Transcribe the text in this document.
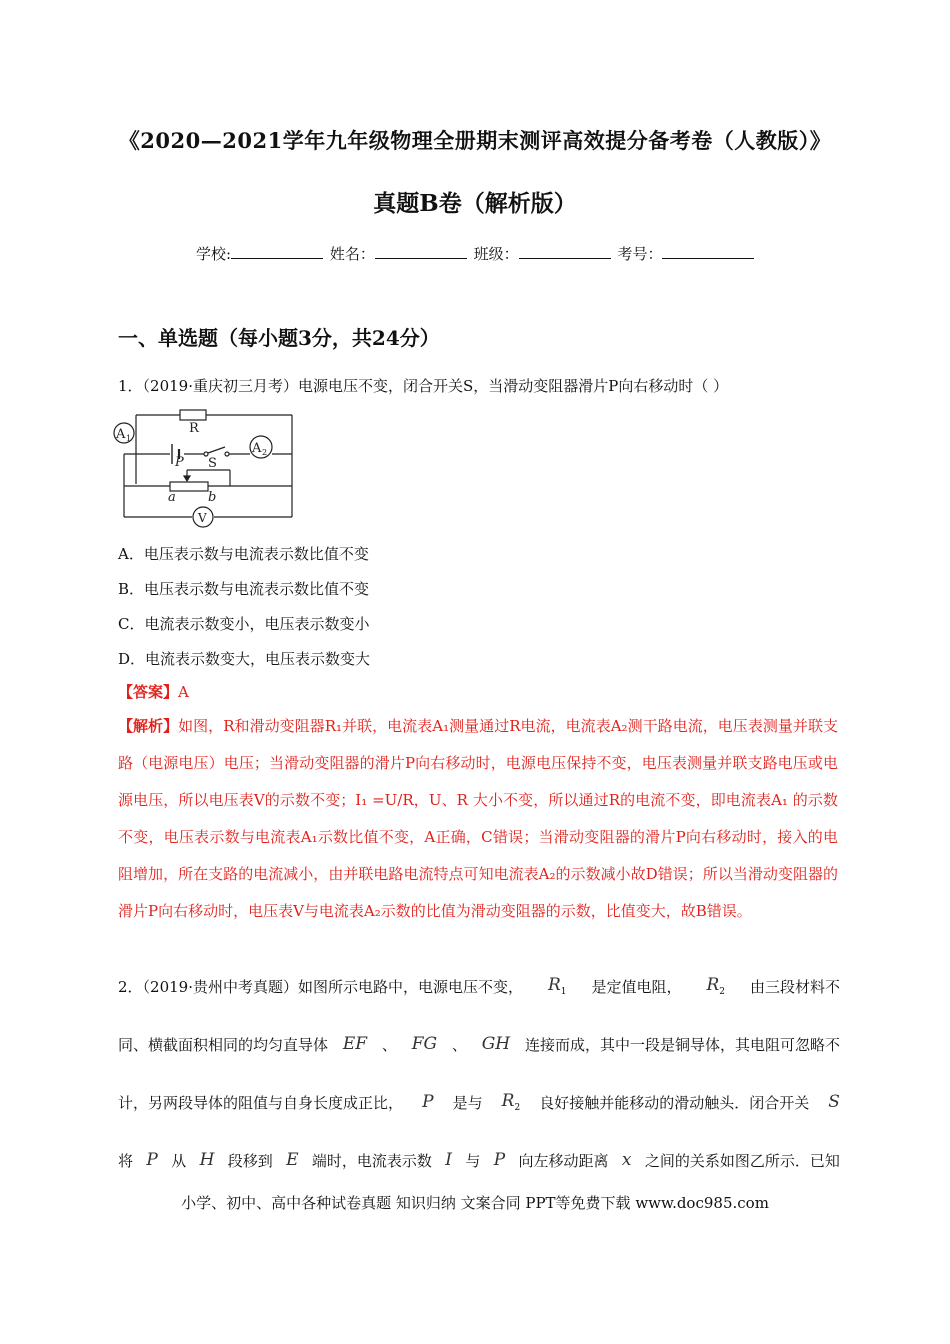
《2020—2021学年九年级物理全册期末测评高效提分备考卷（人教版）》
真题B卷（解析版）
学校:	姓名：	班级：	考号：
一、单选题（每小题3分，共24分）
1．（2019·重庆初三月考）电源电压不变，闭合开关S，当滑动变阻器滑片P向右移动时（ ）
R
A 1
A 2
S
P
a b
V
A．电压表示数与电流表示数比值不变
B．电压表示数与电流表示数比值不变
C．电流表示数变小，电压表示数变小
D．电流表示数变大，电压表示数变大
【答案】A
【解析】如图，R和滑动变阻器R₁并联，电流表A₁测量通过R电流，电流表A₂测干路电流，电压表测量并联支路（电源电压）电压；当滑动变阻器的滑片P向右移动时，电源电压保持不变，电压表测量并联支路电压或电源电压，所以电压表V的示数不变；I₁ =U/R，U、R 大小不变，所以通过R的电流不变，即电流表A₁ 的示数不变，电压表示数与电流表A₁示数比值不变，A正确，C错误；当滑动变阻器的滑片P向右移动时，接入的电阻增加，所在支路的电流减小，由并联电路电流特点可知电流表A₂的示数减小故D错误；所以当滑动变阻器的滑片P向右移动时，电压表V与电流表A₂示数的比值为滑动变阻器的示数，比值变大，故B错误。
2．（2019·贵州中考真题）如图所示电路中，电源电压不变， $R_1$ 是定值电阻， $R_2$ 由三段材料不
同、横截面积相同的均匀直导体 EF 、 FG 、 GH 连接而成，其中一段是铜导体，其电阻可忽略不
计，另两段导体的阻值与自身长度成正比， P 是与 $R_2$ 良好接触并能移动的滑动触头．闭合开关 S
将 P 从 H 段移到 E 端时，电流表示数 I 与 P 向左移动距离 x 之间的关系如图乙所示．已知
小学、初中、高中各种试卷真题 知识归纳 文案合同 PPT等免费下载 www.doc985.com
